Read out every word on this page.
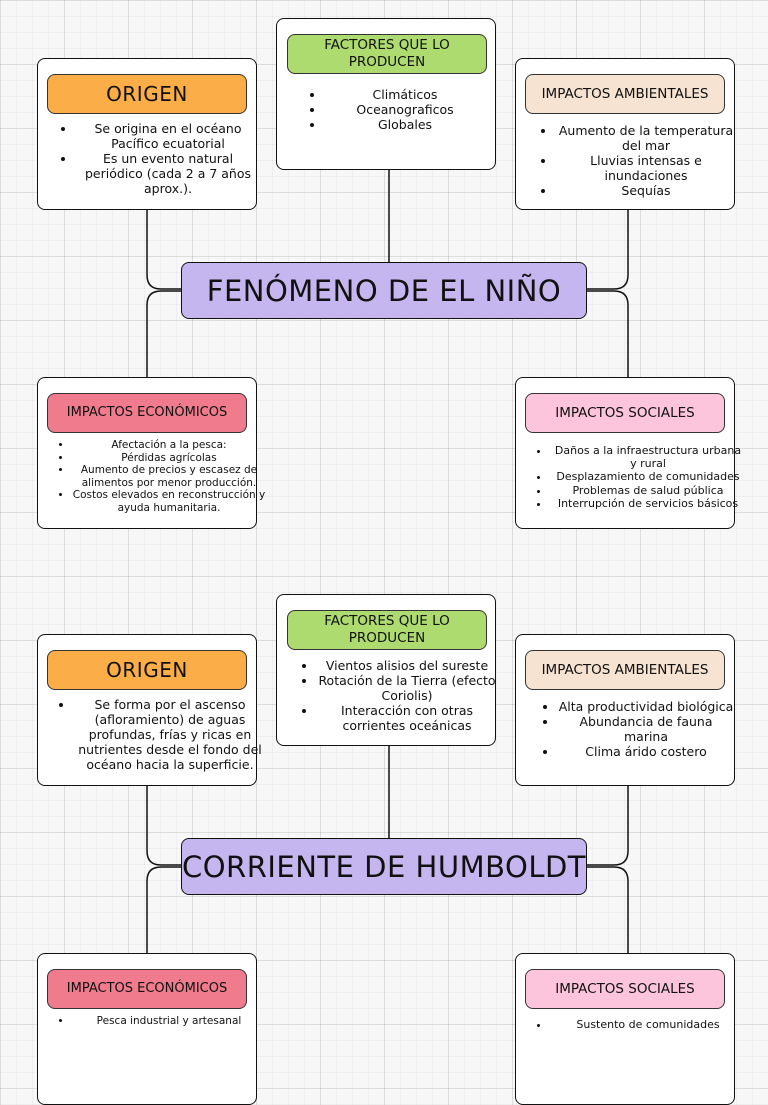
ORIGEN
• Se origina en el océano Pacífico ecuatorial
• Es un evento natural periódico (cada 2 a 7 años aprox.).
FACTORES QUE LO PRODUCEN
• Climáticos
• Oceanograficos
• Globales
IMPACTOS AMBIENTALES
• Aumento de la temperatura del mar
• Lluvias intensas e inundaciones
• Sequías
FENÓMENO DE EL NIÑO
IMPACTOS ECONÓMICOS
• Afectación a la pesca:
• Pérdidas agrícolas
• Aumento de precios y escasez de alimentos por menor producción.
• Costos elevados en reconstrucción y ayuda humanitaria.
IMPACTOS SOCIALES
• Daños a la infraestructura urbana y rural
• Desplazamiento de comunidades
• Problemas de salud pública
• Interrupción de servicios básicos
ORIGEN
• Se forma por el ascenso (afloramiento) de aguas profundas, frías y ricas en nutrientes desde el fondo del océano hacia la superficie.
FACTORES QUE LO PRODUCEN
• Vientos alisios del sureste
• Rotación de la Tierra (efecto Coriolis)
• Interacción con otras corrientes oceánicas
IMPACTOS AMBIENTALES
• Alta productividad biológica
• Abundancia de fauna marina
• Clima árido costero
CORRIENTE DE HUMBOLDT
IMPACTOS ECONÓMICOS
• Pesca industrial y artesanal
IMPACTOS SOCIALES
• Sustento de comunidades
